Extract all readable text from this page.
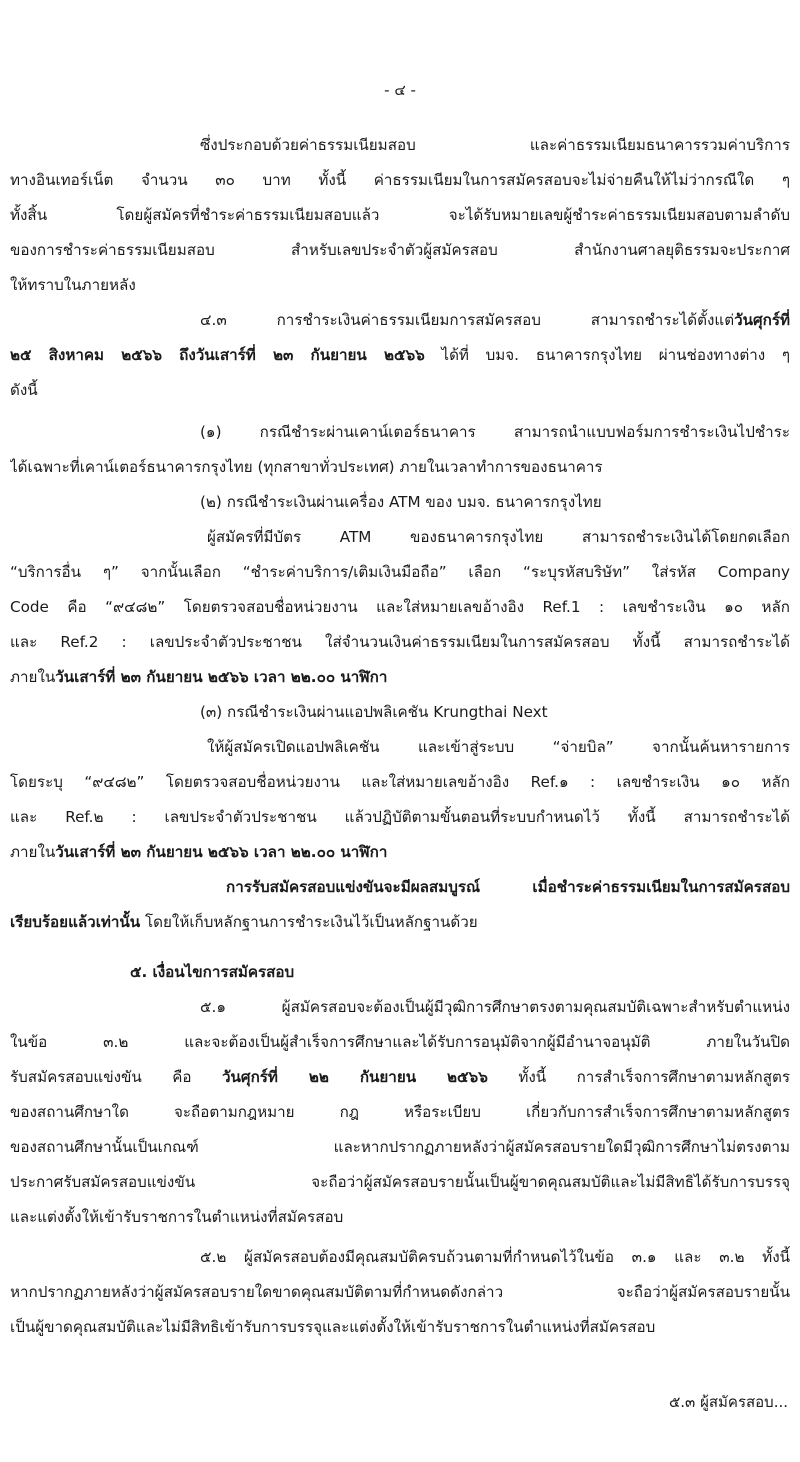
- ๔ -
ซึ่งประกอบด้วยค่าธรรมเนียมสอบ และค่าธรรมเนียมธนาคารรวมค่าบริการ
ทางอินเทอร์เน็ต จำนวน ๓๐ บาท ทั้งนี้ ค่าธรรมเนียมในการสมัครสอบจะไม่จ่ายคืนให้ไม่ว่ากรณีใด ๆ
ทั้งสิ้น โดยผู้สมัครที่ชำระค่าธรรมเนียมสอบแล้ว จะได้รับหมายเลขผู้ชำระค่าธรรมเนียมสอบตามลำดับ
ของการชำระค่าธรรมเนียมสอบ สำหรับเลขประจำตัวผู้สมัครสอบ สำนักงานศาลยุติธรรมจะประกาศ
ให้ทราบในภายหลัง
๔.๓ การชำระเงินค่าธรรมเนียมการสมัครสอบ สามารถชำระได้ตั้งแต่วันศุกร์ที่
๒๕ สิงหาคม ๒๕๖๖ ถึงวันเสาร์ที่ ๒๓ กันยายน ๒๕๖๖ ได้ที่ บมจ. ธนาคารกรุงไทย ผ่านช่องทางต่าง ๆ
ดังนี้
(๑) กรณีชำระผ่านเคาน์เตอร์ธนาคาร สามารถนำแบบฟอร์มการชำระเงินไปชำระ
ได้เฉพาะที่เคาน์เตอร์ธนาคารกรุงไทย (ทุกสาขาทั่วประเทศ) ภายในเวลาทำการของธนาคาร
(๒) กรณีชำระเงินผ่านเครื่อง ATM ของ บมจ. ธนาคารกรุงไทย
ผู้สมัครที่มีบัตร ATM ของธนาคารกรุงไทย สามารถชำระเงินได้โดยกดเลือก
“บริการอื่น ๆ” จากนั้นเลือก “ชำระค่าบริการ/เติมเงินมือถือ” เลือก “ระบุรหัสบริษัท” ใส่รหัส Company
Code คือ “๙๔๘๒” โดยตรวจสอบชื่อหน่วยงาน และใส่หมายเลขอ้างอิง Ref.1 : เลขชำระเงิน ๑๐ หลัก
และ Ref.2 : เลขประจำตัวประชาชน ใส่จำนวนเงินค่าธรรมเนียมในการสมัครสอบ ทั้งนี้ สามารถชำระได้
ภายในวันเสาร์ที่ ๒๓ กันยายน ๒๕๖๖ เวลา ๒๒.๐๐ นาฬิกา
(๓) กรณีชำระเงินผ่านแอปพลิเคชัน Krungthai Next
ให้ผู้สมัครเปิดแอปพลิเคชัน และเข้าสู่ระบบ “จ่ายบิล” จากนั้นค้นหารายการ
โดยระบุ “๙๔๘๒” โดยตรวจสอบชื่อหน่วยงาน และใส่หมายเลขอ้างอิง Ref.๑ : เลขชำระเงิน ๑๐ หลัก
และ Ref.๒ : เลขประจำตัวประชาชน แล้วปฏิบัติตามขั้นตอนที่ระบบกำหนดไว้ ทั้งนี้ สามารถชำระได้
ภายในวันเสาร์ที่ ๒๓ กันยายน ๒๕๖๖ เวลา ๒๒.๐๐ นาฬิกา
การรับสมัครสอบแข่งขันจะมีผลสมบูรณ์ เมื่อชำระค่าธรรมเนียมในการสมัครสอบ
เรียบร้อยแล้วเท่านั้น โดยให้เก็บหลักฐานการชำระเงินไว้เป็นหลักฐานด้วย
๕. เงื่อนไขการสมัครสอบ
๕.๑ ผู้สมัครสอบจะต้องเป็นผู้มีวุฒิการศึกษาตรงตามคุณสมบัติเฉพาะสำหรับตำแหน่ง
ในข้อ ๓.๒ และจะต้องเป็นผู้สำเร็จการศึกษาและได้รับการอนุมัติจากผู้มีอำนาจอนุมัติ ภายในวันปิด
รับสมัครสอบแข่งขัน คือ วันศุกร์ที่ ๒๒ กันยายน ๒๕๖๖ ทั้งนี้ การสำเร็จการศึกษาตามหลักสูตร
ของสถานศึกษาใด จะถือตามกฎหมาย กฎ หรือระเบียบ เกี่ยวกับการสำเร็จการศึกษาตามหลักสูตร
ของสถานศึกษานั้นเป็นเกณฑ์ และหากปรากฏภายหลังว่าผู้สมัครสอบรายใดมีวุฒิการศึกษาไม่ตรงตาม
ประกาศรับสมัครสอบแข่งขัน จะถือว่าผู้สมัครสอบรายนั้นเป็นผู้ขาดคุณสมบัติและไม่มีสิทธิได้รับการบรรจุ
และแต่งตั้งให้เข้ารับราชการในตำแหน่งที่สมัครสอบ
๕.๒ ผู้สมัครสอบต้องมีคุณสมบัติครบถ้วนตามที่กำหนดไว้ในข้อ ๓.๑ และ ๓.๒ ทั้งนี้
หากปรากฏภายหลังว่าผู้สมัครสอบรายใดขาดคุณสมบัติตามที่กำหนดดังกล่าว จะถือว่าผู้สมัครสอบรายนั้น
เป็นผู้ขาดคุณสมบัติและไม่มีสิทธิเข้ารับการบรรจุและแต่งตั้งให้เข้ารับราชการในตำแหน่งที่สมัครสอบ
๕.๓ ผู้สมัครสอบ...
